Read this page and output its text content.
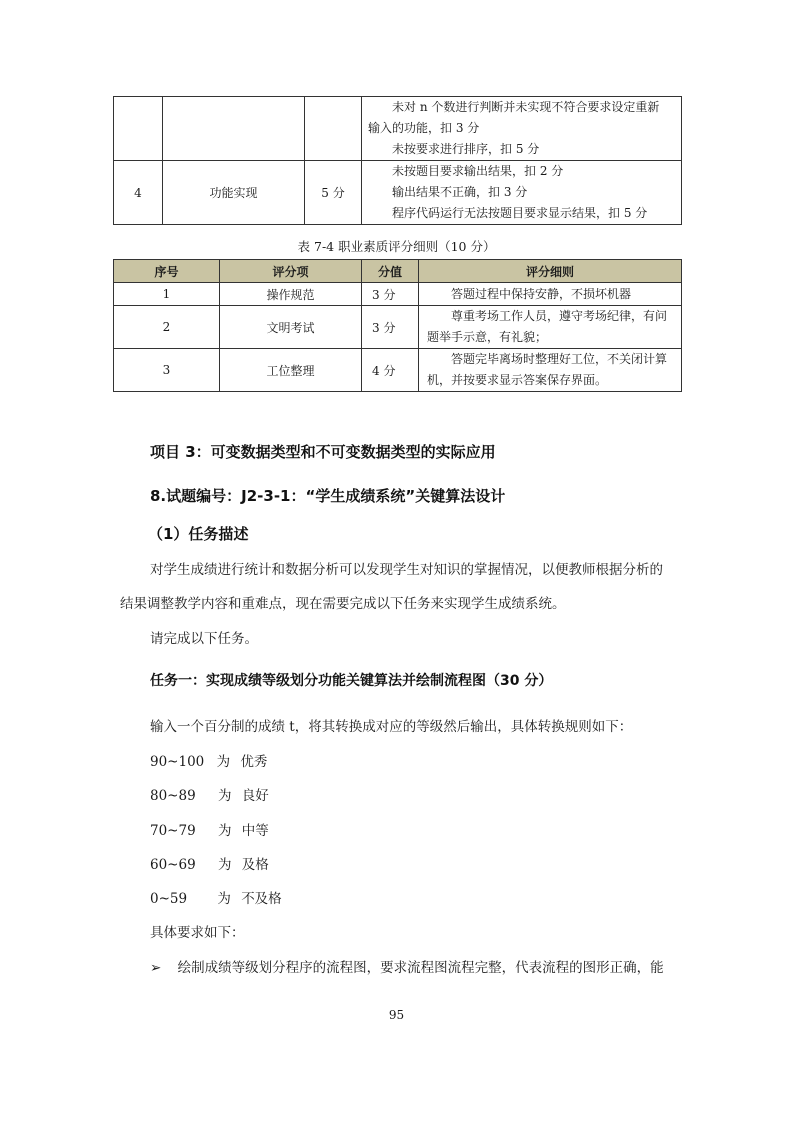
			未对 n 个数进行判断并未实现不符合要求设定重新
输入的功能，扣 3 分
未按要求进行排序，扣 5 分

4	功能实现	5 分	未按题目要求输出结果，扣 2 分
输出结果不正确，扣 3 分
程序代码运行无法按题目要求显示结果，扣 5 分
表 7-4 职业素质评分细则（10 分）
序号	评分项	分值	评分细则
1	操作规范	3 分	答题过程中保持安静，不损坏机器

2	文明考试	3 分	尊重考场工作人员，遵守考场纪律，有问
题举手示意，有礼貌；

3	工位整理	4 分	答题完毕离场时整理好工位，不关闭计算
机，并按要求显示答案保存界面。
项目 3：可变数据类型和不可变数据类型的实际应用
8.试题编号：J2-3-1：“学生成绩系统”关键算法设计
（1）任务描述
对学生成绩进行统计和数据分析可以发现学生对知识的掌握情况，以便教师根据分析的
结果调整教学内容和重难点，现在需要完成以下任务来实现学生成绩系统。
请完成以下任务。
任务一：实现成绩等级划分功能关键算法并绘制流程图（30 分）
输入一个百分制的成绩 t，将其转换成对应的等级然后输出，具体转换规则如下：
90~100 为 优秀
80~89 为 良好
70~79 为 中等
60~69 为 及格
0~59 为 不及格
具体要求如下：
➢ 绘制成绩等级划分程序的流程图，要求流程图流程完整，代表流程的图形正确，能
95
